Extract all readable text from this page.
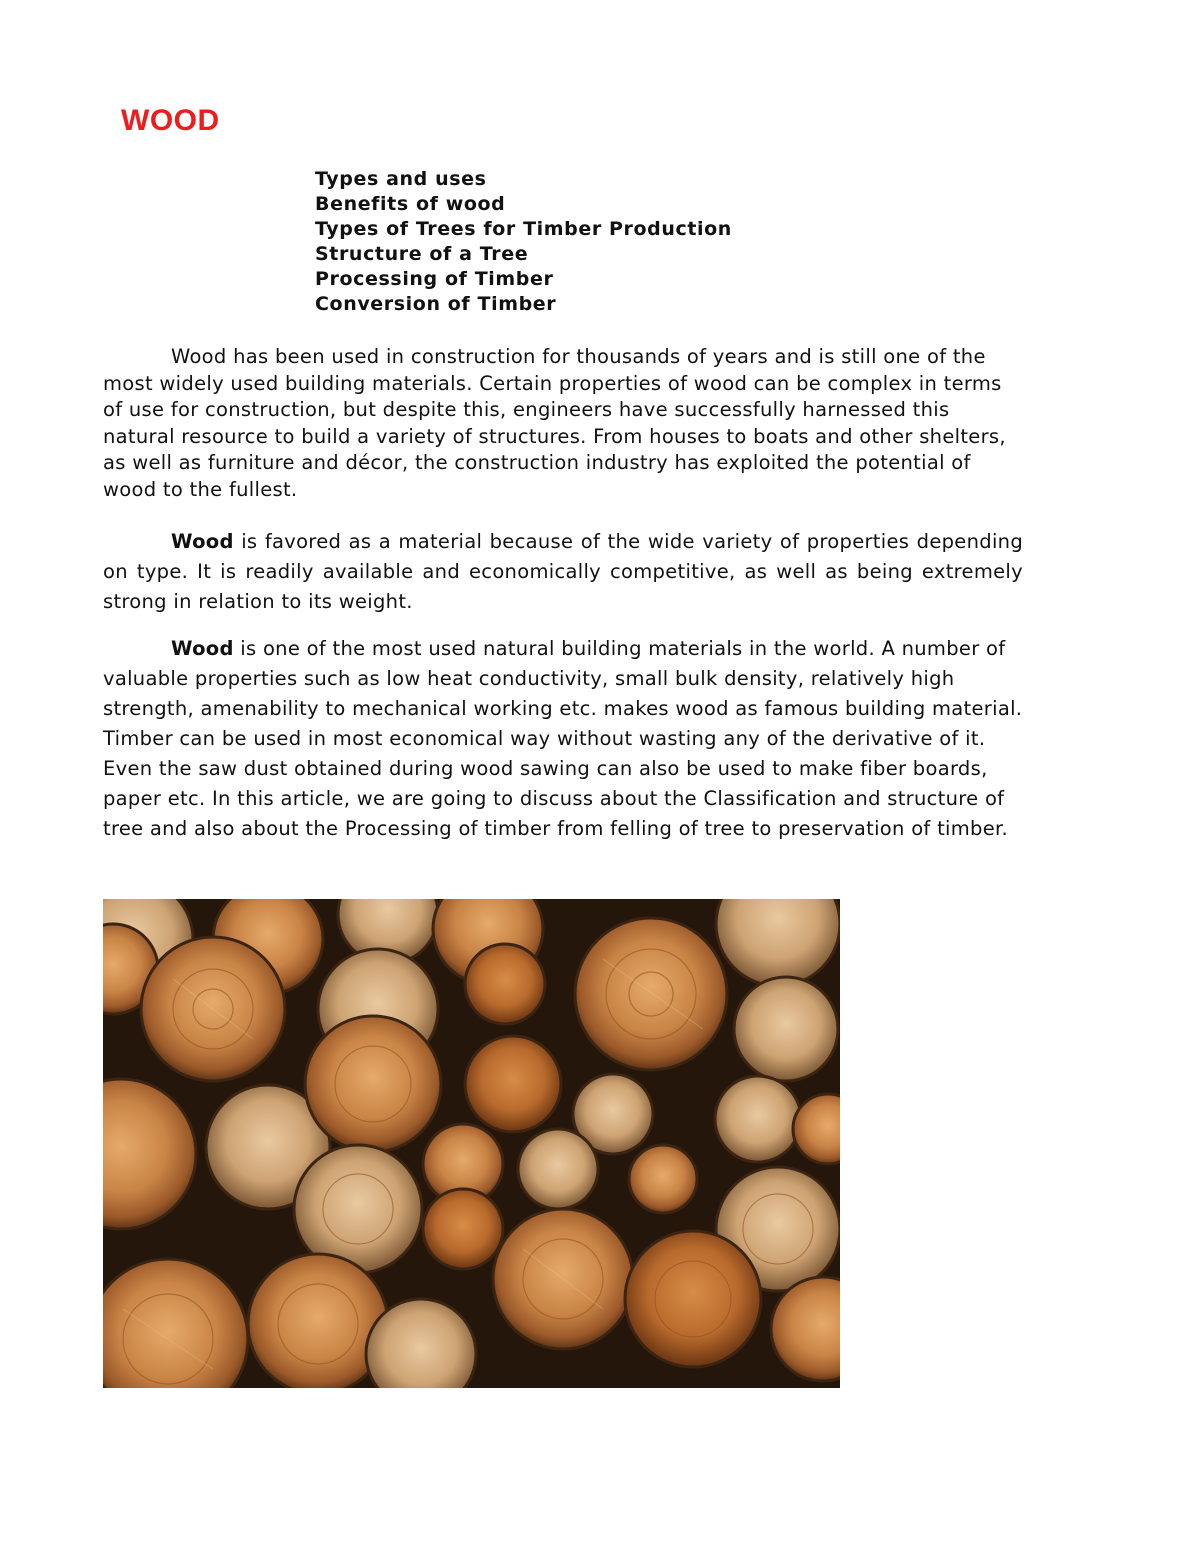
WOOD
Types and uses
Benefits of wood
Types of Trees for Timber Production
Structure of a Tree
Processing of Timber
Conversion of Timber

Wood has been used in construction for thousands of years and is still one of the most widely used building materials. Certain properties of wood can be complex in terms of use for construction, but despite this, engineers have successfully harnessed this natural resource to build a variety of structures. From houses to boats and other shelters, as well as furniture and décor, the construction industry has exploited the potential of wood to the fullest.

Wood is favored as a material because of the wide variety of properties depending on type. It is readily available and economically competitive, as well as being extremely strong in relation to its weight.

Wood is one of the most used natural building materials in the world. A number of valuable properties such as low heat conductivity, small bulk density, relatively high strength, amenability to mechanical working etc. makes wood as famous building material. Timber can be used in most economical way without wasting any of the derivative of it. Even the saw dust obtained during wood sawing can also be used to make fiber boards, paper etc. In this article, we are going to discuss about the Classification and structure of tree and also about the Processing of timber from felling of tree to preservation of timber.
